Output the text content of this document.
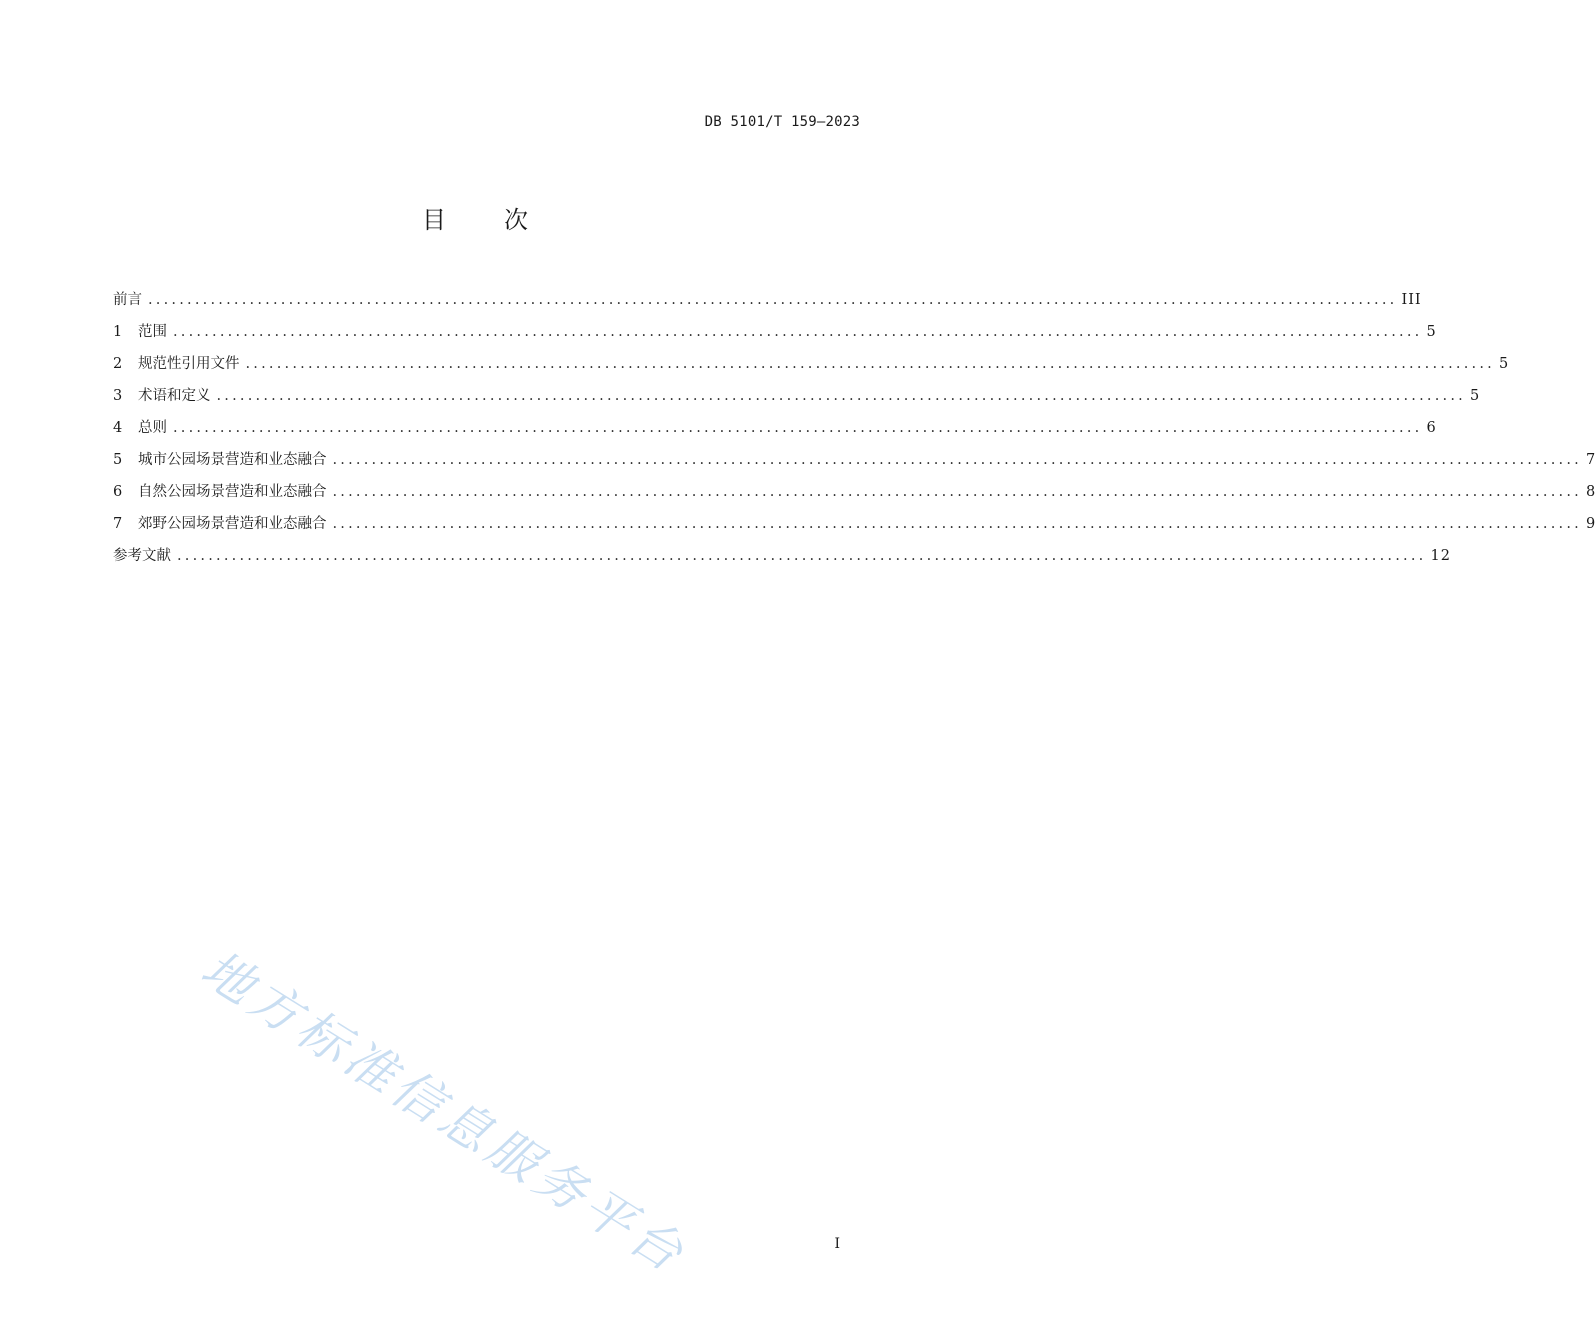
DB 5101/T 159—2023
目 次
前言 ................................................................................................................................................................ III
1	范围 ................................................................................................................................................................ 5
2	规范性引用文件 ................................................................................................................................................................ 5
3	术语和定义 ................................................................................................................................................................ 5
4	总则 ................................................................................................................................................................ 6
5	城市公园场景营造和业态融合 ................................................................................................................................................................ 7
6	自然公园场景营造和业态融合 ................................................................................................................................................................ 8
7	郊野公园场景营造和业态融合 ................................................................................................................................................................ 9
参考文献 ................................................................................................................................................................ 12
地方标准信息服务平台	I
